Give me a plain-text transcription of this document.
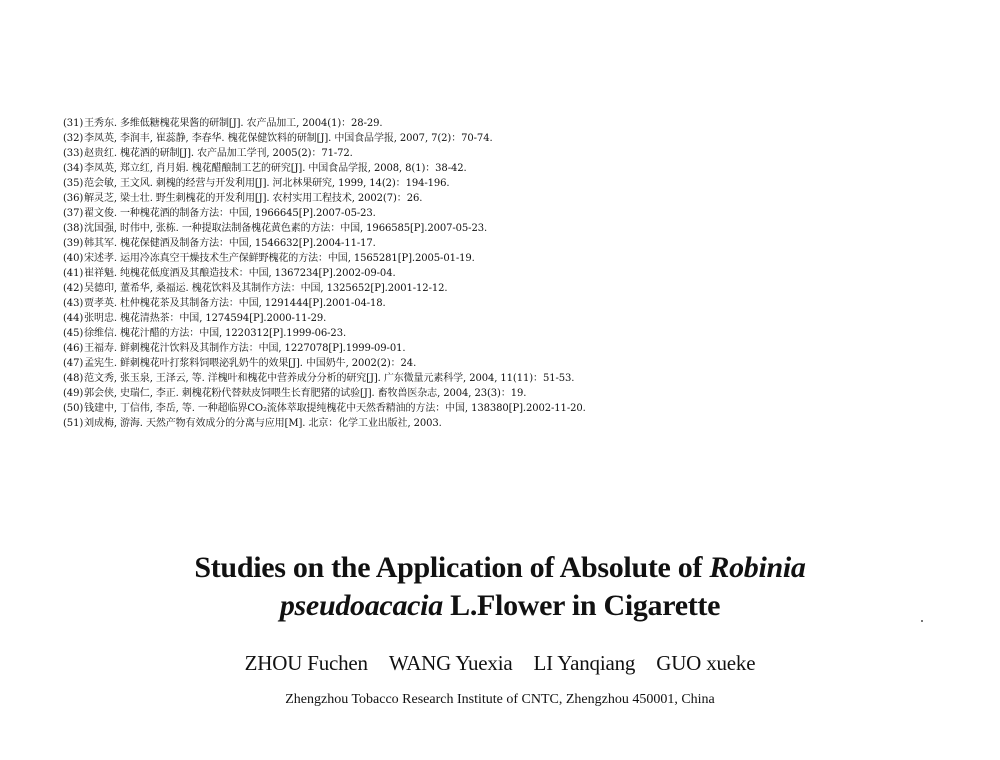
(31)王秀东. 多维低糖槐花果酱的研制[J]. 农产品加工, 2004(1)：28-29.
(32)李凤英, 李润丰, 崔蕊静, 李春华. 槐花保健饮料的研制[J]. 中国食品学报, 2007, 7(2)：70-74.
(33)赵贵红. 槐花酒的研制[J]. 农产品加工学刊, 2005(2)：71-72.
(34)李凤英, 郑立红, 肖月娟. 槐花醋酿制工艺的研究[J]. 中国食品学报, 2008, 8(1)：38-42.
(35)范会敏, 王文风. 刺槐的经营与开发利用[J]. 河北林果研究, 1999, 14(2)：194-196.
(36)解灵芝, 梁士壮. 野生刺槐花的开发利用[J]. 农村实用工程技术, 2002(7)：26.
(37)翟文俊. 一种槐花酒的制备方法：中国, 1966645[P].2007-05-23.
(38)沈国强, 时伟中, 张栋. 一种提取法制备槐花黄色素的方法：中国, 1966585[P].2007-05-23.
(39)韩其军. 槐花保健酒及制备方法：中国, 1546632[P].2004-11-17.
(40)宋述孝. 运用冷冻真空干燥技术生产保鲜野槐花的方法：中国, 1565281[P].2005-01-19.
(41)崔祥魁. 纯槐花低度酒及其酿造技术：中国, 1367234[P].2002-09-04.
(42)吴德印, 董希华, 桑福运. 槐花饮料及其制作方法：中国, 1325652[P].2001-12-12.
(43)贾孝英. 杜仲槐花茶及其制备方法：中国, 1291444[P].2001-04-18.
(44)张明忠. 槐花清热茶：中国, 1274594[P].2000-11-29.
(45)徐维信. 槐花汁醋的方法：中国, 1220312[P].1999-06-23.
(46)王福寿. 鲜刺槐花汁饮料及其制作方法：中国, 1227078[P].1999-09-01.
(47)孟宪生. 鲜刺槐花叶打浆料饲喂泌乳奶牛的效果[J]. 中国奶牛, 2002(2)：24.
(48)范文秀, 张玉泉, 王泽云, 等. 洋槐叶和槐花中营养成分分析的研究[J]. 广东微量元素科学, 2004, 11(11)：51-53.
(49)郭会侠, 史瑞仁, 李正. 刺槐花粉代替麸皮饲喂生长育肥猪的试验[J]. 畜牧兽医杂志, 2004, 23(3)：19.
(50)钱建中, 丁信伟, 李岳, 等. 一种超临界CO₂流体萃取提纯槐花中天然香精油的方法：中国, 138380[P].2002-11-20.
(51)刘成梅, 游海. 天然产物有效成分的分离与应用[M]. 北京：化学工业出版社, 2003.

Studies on the Application of Absolute of Robinia
pseudoacacia L.Flower in Cigarette

ZHOU Fuchen WANG Yuexia LI Yanqiang GUO xueke
Zhengzhou Tobacco Research Institute of CNTC, Zhengzhou 450001, China
